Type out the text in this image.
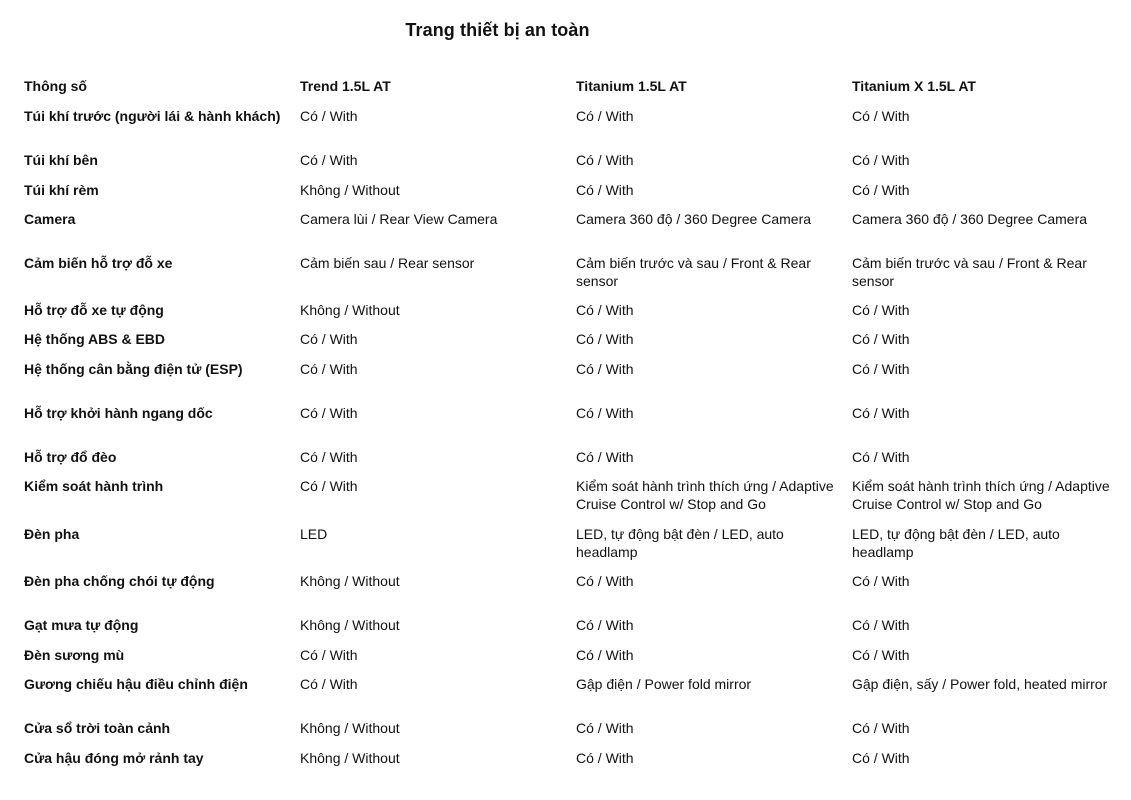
Trang thiết bị an toàn
Thông số	Trend 1.5L AT	Titanium 1.5L AT	Titanium X 1.5L AT
Túi khí trước (người lái & hành khách)	Có / With	Có / With	Có / With
Túi khí bên	Có / With	Có / With	Có / With
Túi khí rèm	Không / Without	Có / With	Có / With
Camera	Camera lùi / Rear View Camera	Camera 360 độ / 360 Degree Camera	Camera 360 độ / 360 Degree Camera
Cảm biến hỗ trợ đỗ xe	Cảm biến sau / Rear sensor	Cảm biến trước và sau / Front & Rear sensor	Cảm biến trước và sau / Front & Rear sensor
Hỗ trợ đỗ xe tự động	Không / Without	Có / With	Có / With
Hệ thống ABS & EBD	Có / With	Có / With	Có / With
Hệ thống cân bằng điện tử (ESP)	Có / With	Có / With	Có / With
Hỗ trợ khởi hành ngang dốc	Có / With	Có / With	Có / With
Hỗ trợ đổ đèo	Có / With	Có / With	Có / With
Kiểm soát hành trình	Có / With	Kiểm soát hành trình thích ứng / Adaptive Cruise Control w/ Stop and Go	Kiểm soát hành trình thích ứng / Adaptive Cruise Control w/ Stop and Go
Đèn pha	LED	LED, tự động bật đèn / LED, auto headlamp	LED, tự động bật đèn / LED, auto headlamp
Đèn pha chống chói tự động	Không / Without	Có / With	Có / With
Gạt mưa tự động	Không / Without	Có / With	Có / With
Đèn sương mù	Có / With	Có / With	Có / With
Gương chiếu hậu điều chỉnh điện	Có / With	Gập điện / Power fold mirror	Gập điện, sấy / Power fold, heated mirror
Cửa sổ trời toàn cảnh	Không / Without	Có / With	Có / With
Cửa hậu đóng mở rảnh tay	Không / Without	Có / With	Có / With
